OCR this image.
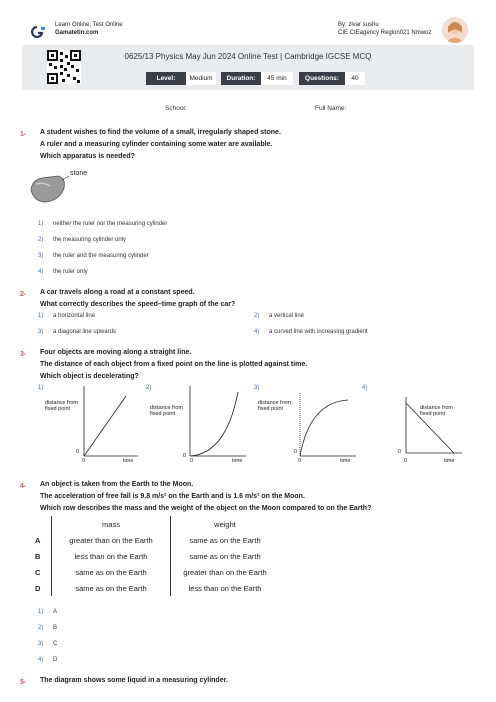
Learn Online, Test Online
Gamatetin.com
By: zivar sushu
CIE CIEagency Region021 Nmwoz
0625/13 Physics May Jun 2024 Online Test | Cambridge IGCSE MCQ
Level:	Medium	Duration:	45 min	Questions:	40
School:	Full Name:
1- A student wishes to find the volume of a small, irregularly shaped stone.
A ruler and a measuring cylinder containing some water are available.
Which apparatus is needed?
stone
1) neither the ruler nor the measuring cylinder
2) the measuring cylinder only
3) the ruler and the measuring cylinder
4) the ruler only
2- A car travels along a road at a constant speed.
What correctly describes the speed–time graph of the car?
1) a horizontal line	2) a vertical line
3) a diagonal line upwards	4) a curved line with increasing gradient
3- Four objects are moving along a straight line.
The distance of each object from a fixed point on the line is plotted against time.
Which object is decelerating?
1)
distance from fixed point
0
0	time
2)
distance from fixed point
0
0	time
3)
distance from fixed point
0
0	time
4)
distance from fixed point
0
0	time
4- An object is taken from the Earth to the Moon.
The acceleration of free fall is 9.8 m/s² on the Earth and is 1.6 m/s² on the Moon.
Which row describes the mass and the weight of the object on the Moon compared to on the Earth?
	mass	weight
A	greater than on the Earth	same as on the Earth
B	less than on the Earth	same as on the Earth
C	same as on the Earth	greater than on the Earth
D	same as on the Earth	less than on the Earth
1) A
2) B
3) C
4) D
5- The diagram shows some liquid in a measuring cylinder.
